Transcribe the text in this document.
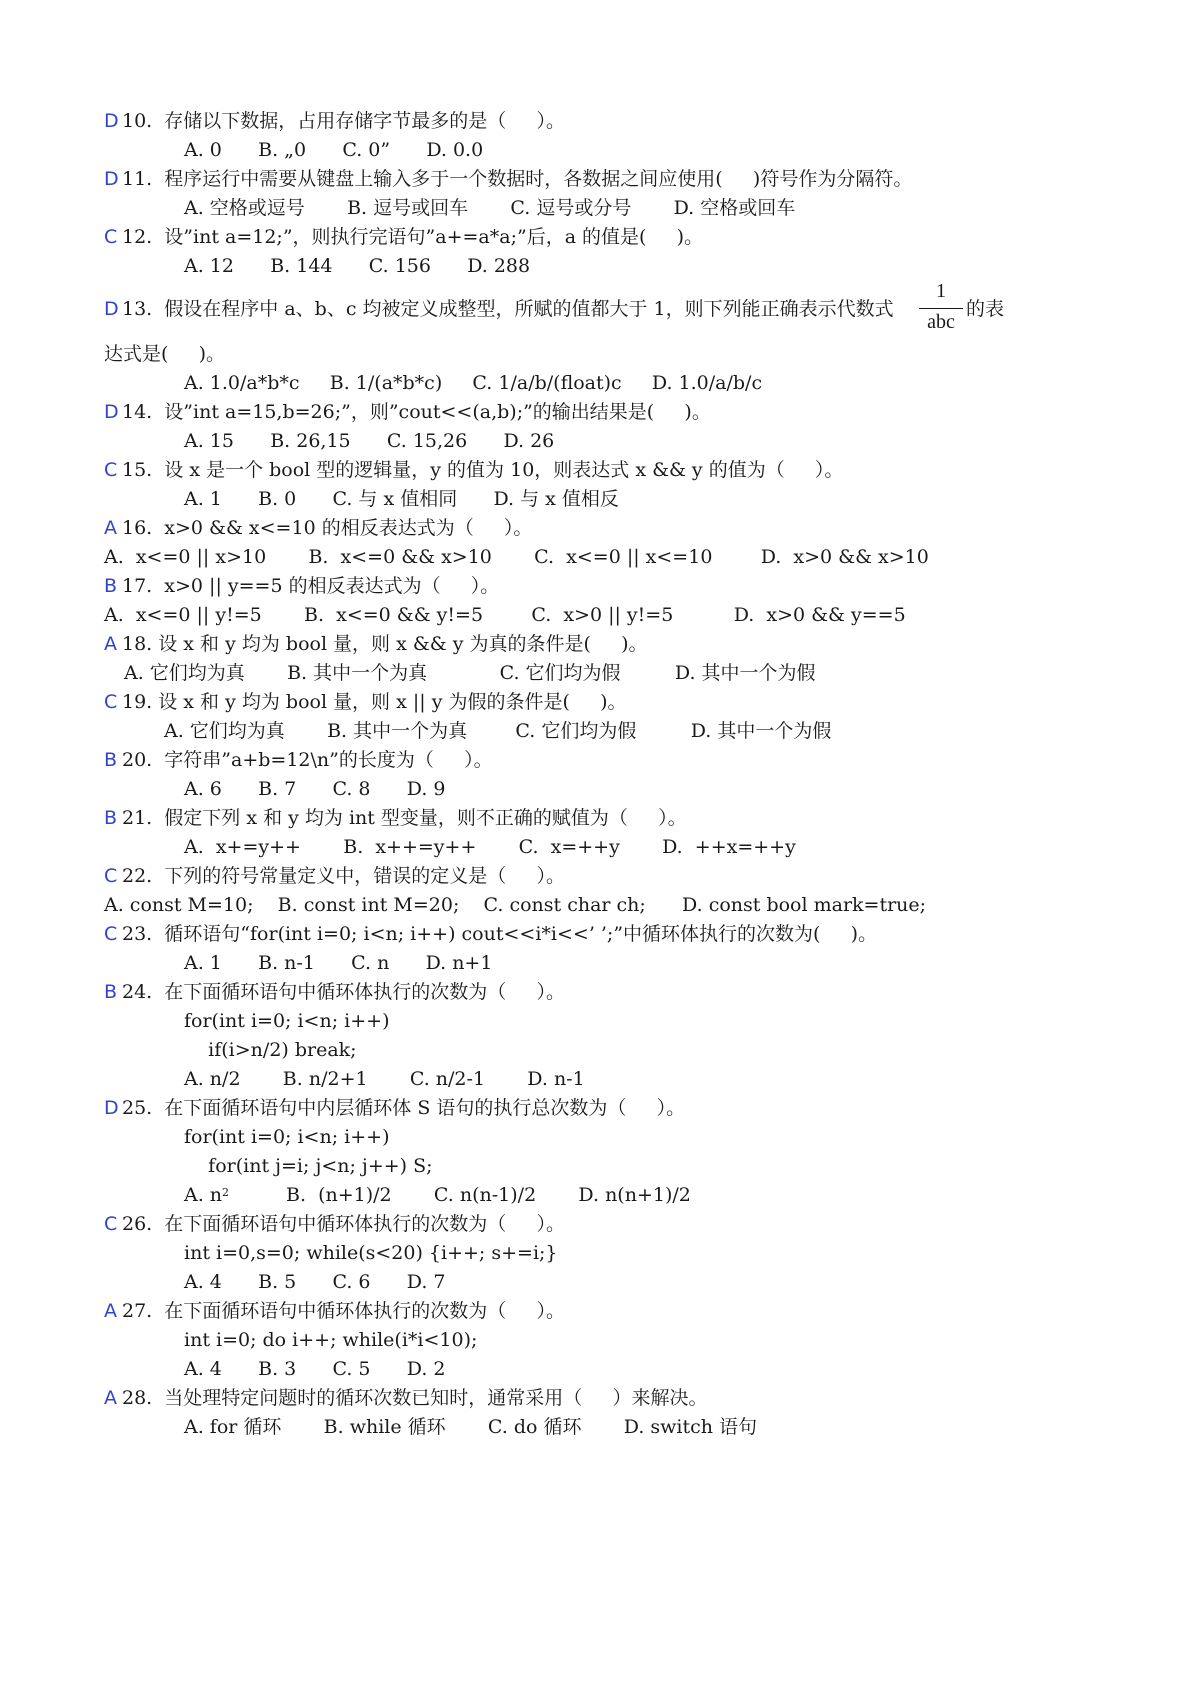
D 10.  存储以下数据，占用存储字节最多的是（     ）。
A. 0      B. „0      C. 0”      D. 0.0
D 11.  程序运行中需要从键盘上输入多于一个数据时，各数据之间应使用(     )符号作为分隔符。
A. 空格或逗号       B. 逗号或回车       C. 逗号或分号       D. 空格或回车
C 12.  设”int a=12;”，则执行完语句”a+=a*a;”后，a 的值是(     )。
A. 12      B. 144      C. 156      D. 288
D 13.  假设在程序中 a、b、c 均被定义成整型，所赋的值都大于 1，则下列能正确表示代数式
1
abc
的表
达式是(     )。
A. 1.0/a*b*c     B. 1/(a*b*c)     C. 1/a/b/(float)c     D. 1.0/a/b/c
D 14.  设”int a=15,b=26;”，则”cout<<(a,b);”的输出结果是(     )。
A. 15      B. 26,15      C. 15,26      D. 26
C 15.  设 x 是一个 bool 型的逻辑量，y 的值为 10，则表达式 x && y 的值为（     ）。
A. 1      B. 0      C. 与 x 值相同      D. 与 x 值相反
A 16.  x>0 && x<=10 的相反表达式为（     ）。
A.  x<=0 || x>10       B.  x<=0 && x>10       C.  x<=0 || x<=10        D.  x>0 && x>10
B 17.  x>0 || y==5 的相反表达式为（     ）。
A.  x<=0 || y!=5       B.  x<=0 && y!=5        C.  x>0 || y!=5          D.  x>0 && y==5
A 18. 设 x 和 y 均为 bool 量，则 x && y 为真的条件是(     )。
A. 它们均为真       B. 其中一个为真            C. 它们均为假         D. 其中一个为假
C 19. 设 x 和 y 均为 bool 量，则 x || y 为假的条件是(     )。
A. 它们均为真       B. 其中一个为真        C. 它们均为假         D. 其中一个为假
B 20.  字符串”a+b=12\n”的长度为（     ）。
A. 6      B. 7      C. 8      D. 9
B 21.  假定下列 x 和 y 均为 int 型变量，则不正确的赋值为（     ）。
A.  x+=y++       B.  x++=y++       C.  x=++y       D.  ++x=++y
C 22.  下列的符号常量定义中，错误的定义是（     ）。
A. const M=10;    B. const int M=20;    C. const char ch;      D. const bool mark=true;
C 23.  循环语句“for(int i=0; i<n; i++) cout<<i*i<<’ ’;”中循环体执行的次数为(     )。
A. 1      B. n-1      C. n      D. n+1
B 24.  在下面循环语句中循环体执行的次数为（     ）。
for(int i=0; i<n; i++)
if(i>n/2) break;
A. n/2       B. n/2+1       C. n/2-1       D. n-1
D 25.  在下面循环语句中内层循环体 S 语句的执行总次数为（     ）。
for(int i=0; i<n; i++)
for(int j=i; j<n; j++) S;
A. n 2	B.  (n+1)/2       C. n(n-1)/2       D. n(n+1)/2
C 26.  在下面循环语句中循环体执行的次数为（     ）。
int i=0,s=0; while(s<20) {i++; s+=i;}
A. 4      B. 5      C. 6      D. 7
A 27.  在下面循环语句中循环体执行的次数为（     ）。
int i=0; do i++; while(i*i<10);
A. 4      B. 3      C. 5      D. 2
A 28.  当处理特定问题时的循环次数已知时，通常采用（     ）来解决。
A. for 循环       B. while 循环       C. do 循环       D. switch 语句
